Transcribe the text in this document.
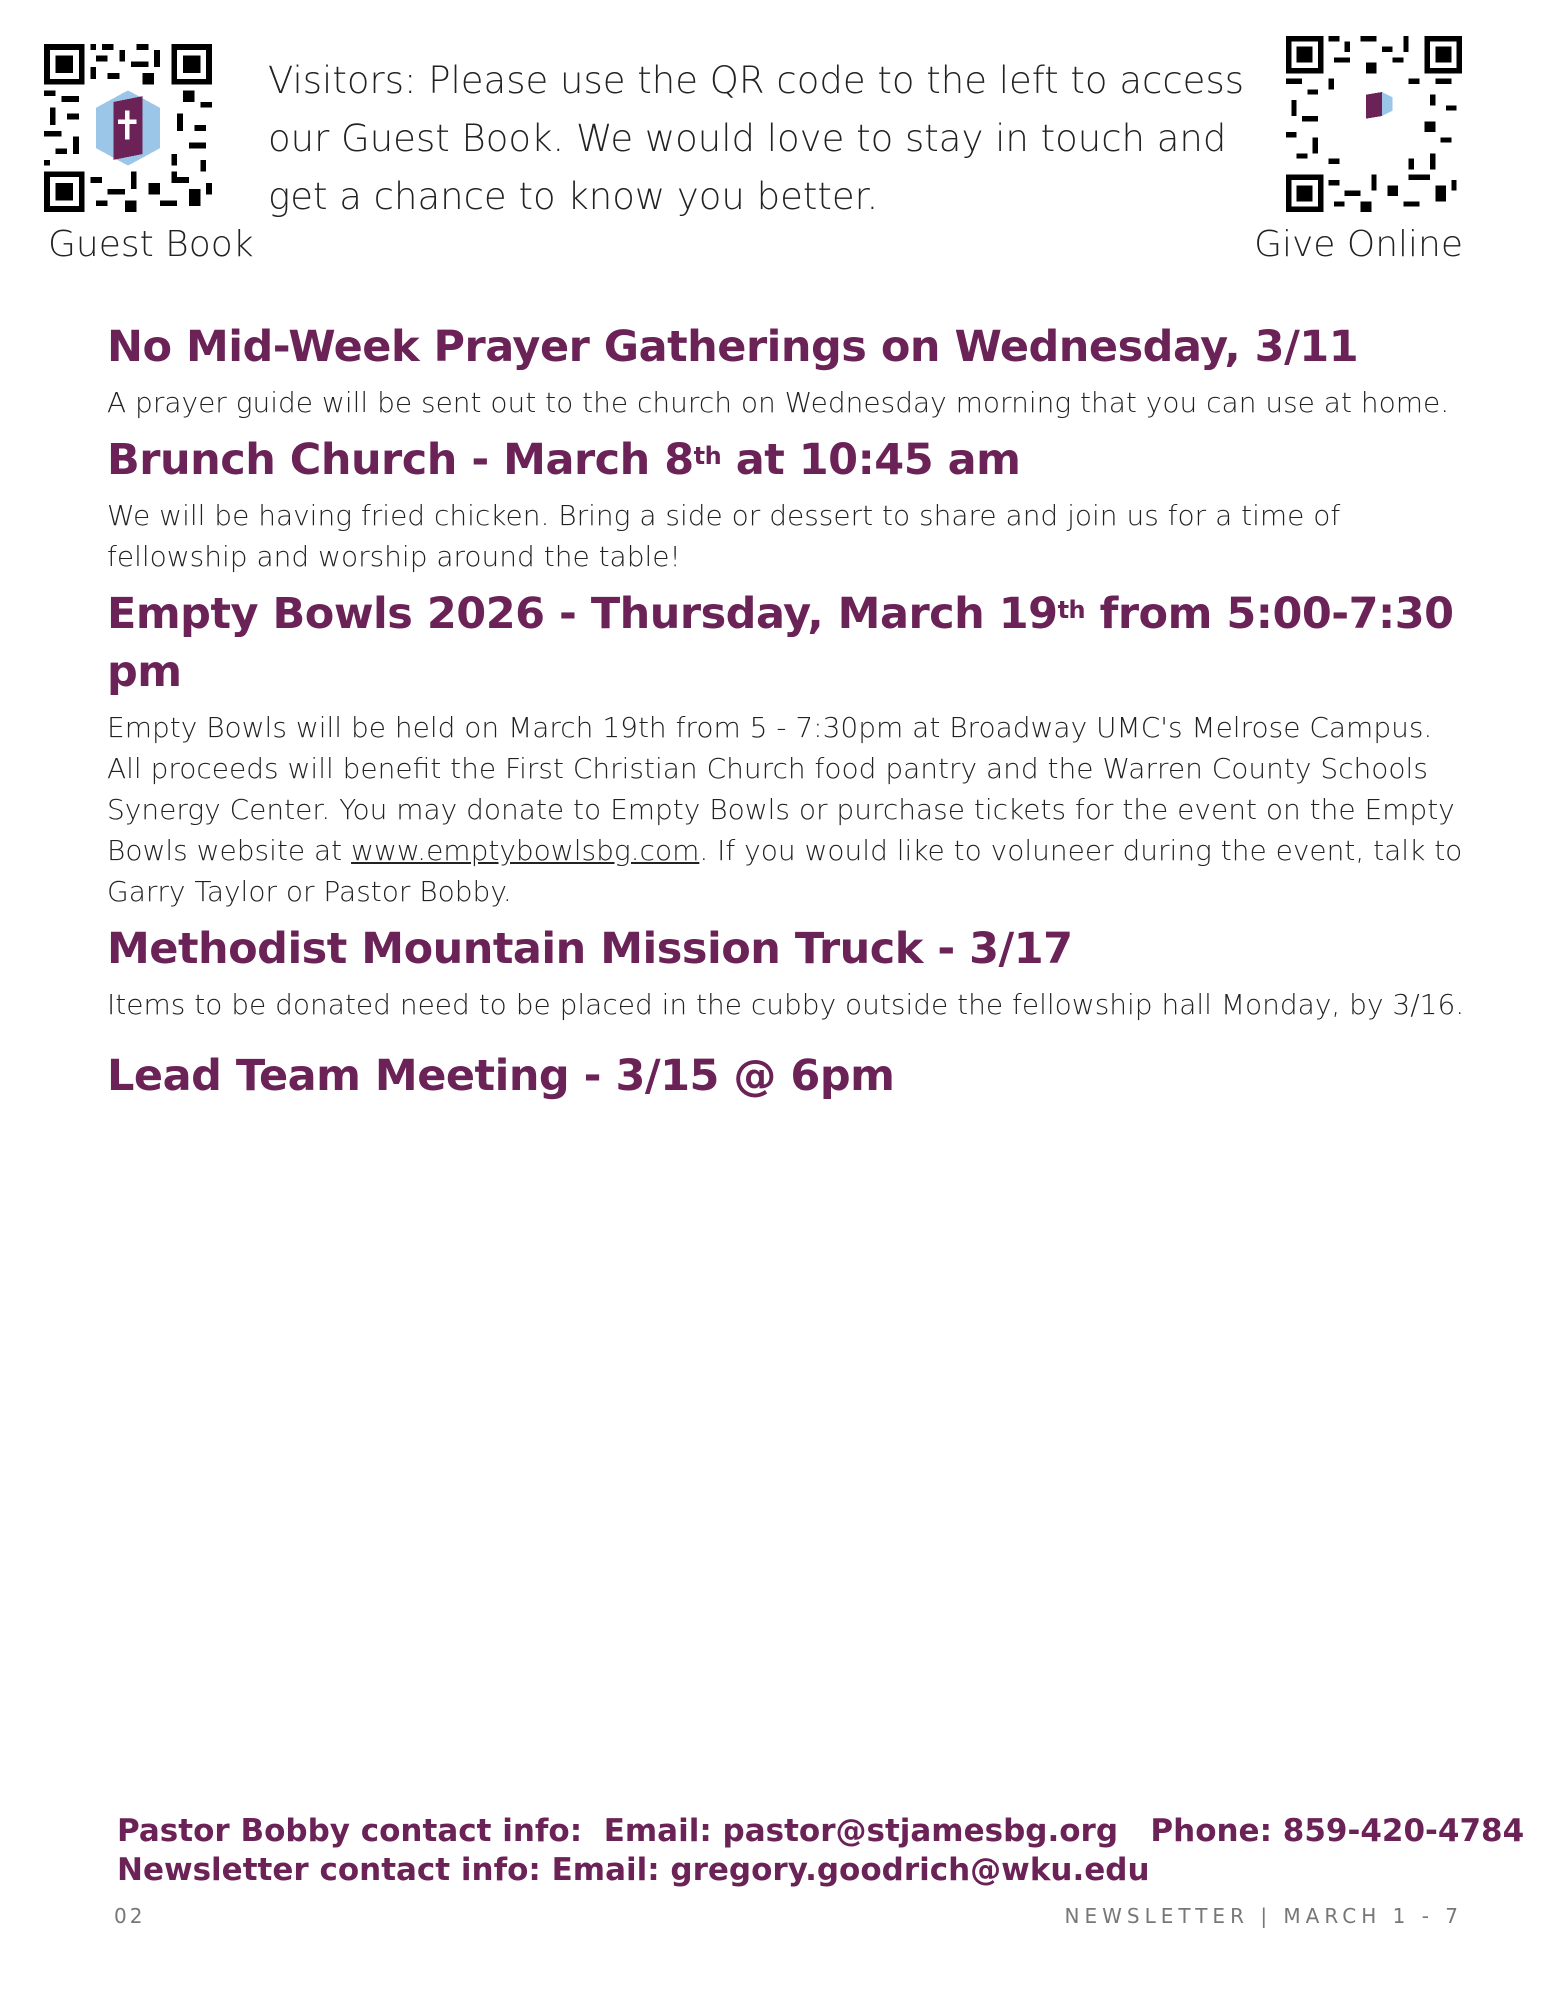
Guest Book
Visitors: Please use the QR code to the left to access our Guest Book. We would love to stay in touch and get a chance to know you better.
Give Online
No Mid-Week Prayer Gatherings on Wednesday, 3/11

A prayer guide will be sent out to the church on Wednesday morning that you can use at home.

Brunch Church - March 8th at 10:45 am

We will be having fried chicken. Bring a side or dessert to share and join us for a time of fellowship and worship around the table!

Empty Bowls 2026 - Thursday, March 19th from 5:00-7:30 pm

Empty Bowls will be held on March 19th from 5 - 7:30pm at Broadway UMC's Melrose Campus. All proceeds will benefit the First Christian Church food pantry and the Warren County Schools Synergy Center. You may donate to Empty Bowls or purchase tickets for the event on the Empty Bowls website at www.emptybowlsbg.com. If you would like to voluneer during the event, talk to Garry Taylor or Pastor Bobby.

Methodist Mountain Mission Truck - 3/17

Items to be donated need to be placed in the cubby outside the fellowship hall Monday, by 3/16.

Lead Team Meeting - 3/15 @ 6pm
Pastor Bobby contact info:  Email: pastor@stjamesbg.org   Phone: 859-420-4784
Newsletter contact info: Email: gregory.goodrich@wku.edu
02	NEWSLETTER | MARCH 1 - 7
